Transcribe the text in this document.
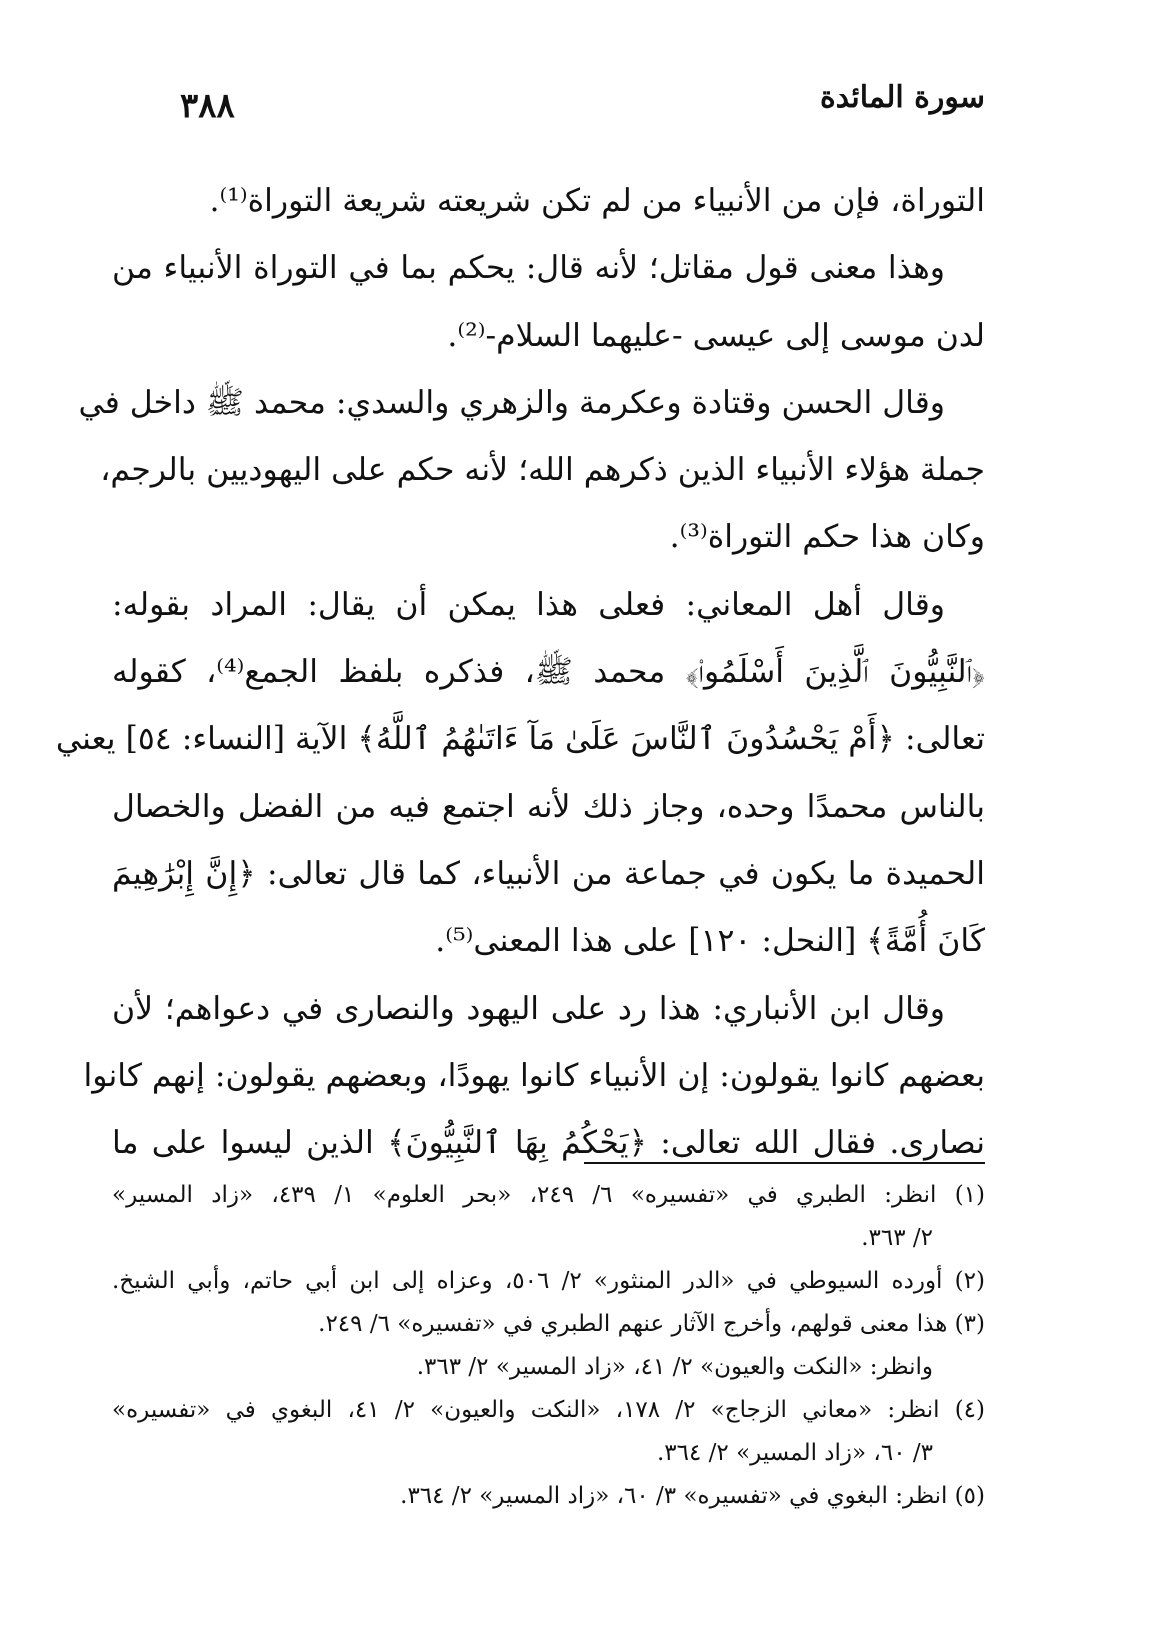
٣٨٨	سورة المائدة
التوراة، فإن من الأنبياء من لم تكن شريعته شريعة التوراة⁽¹⁾.
وهذا معنى قول مقاتل؛ لأنه قال: يحكم بما في التوراة الأنبياء من
لدن موسى إلى عيسى -عليهما السلام-⁽²⁾.
وقال الحسن وقتادة وعكرمة والزهري والسدي: محمد ﷺ داخل في
جملة هؤلاء الأنبياء الذين ذكرهم الله؛ لأنه حكم على اليهوديين بالرجم،
وكان هذا حكم التوراة⁽³⁾.
وقال أهل المعاني: فعلى هذا يمكن أن يقال: المراد بقوله:
﴿ٱلنَّبِيُّونَ ٱلَّذِينَ أَسْلَمُوا۟﴾ محمد ﷺ، فذكره بلفظ الجمع⁽⁴⁾، كقوله
تعالى: ﴿أَمْ يَحْسُدُونَ ٱلنَّاسَ عَلَىٰ مَآ ءَاتَىٰهُمُ ٱللَّهُ﴾ الآية [النساء: ٥٤] يعني
بالناس محمدًا وحده، وجاز ذلك لأنه اجتمع فيه من الفضل والخصال
الحميدة ما يكون في جماعة من الأنبياء، كما قال تعالى: ﴿إِنَّ إِبْرَٰهِيمَ
كَانَ أُمَّةً﴾ [النحل: ١٢٠] على هذا المعنى⁽⁵⁾.
وقال ابن الأنباري: هذا رد على اليهود والنصارى في دعواهم؛ لأن
بعضهم كانوا يقولون: إن الأنبياء كانوا يهودًا، وبعضهم يقولون: إنهم كانوا
نصارى. فقال الله تعالى: ﴿يَحْكُمُ بِهَا ٱلنَّبِيُّونَ﴾ الذين ليسوا على ما
(١) انظر: الطبري في «تفسيره» ٦/ ٢٤٩، «بحر العلوم» ١/ ٤٣٩، «زاد المسير»
٢/ ٣٦٣.
(٢) أورده السيوطي في «الدر المنثور» ٢/ ٥٠٦، وعزاه إلى ابن أبي حاتم، وأبي الشيخ.
(٣) هذا معنى قولهم، وأخرج الآثار عنهم الطبري في «تفسيره» ٦/ ٢٤٩.
وانظر: «النكت والعيون» ٢/ ٤١، «زاد المسير» ٢/ ٣٦٣.
(٤) انظر: «معاني الزجاج» ٢/ ١٧٨، «النكت والعيون» ٢/ ٤١، البغوي في «تفسيره»
٣/ ٦٠، «زاد المسير» ٢/ ٣٦٤.
(٥) انظر: البغوي في «تفسيره» ٣/ ٦٠، «زاد المسير» ٢/ ٣٦٤.
